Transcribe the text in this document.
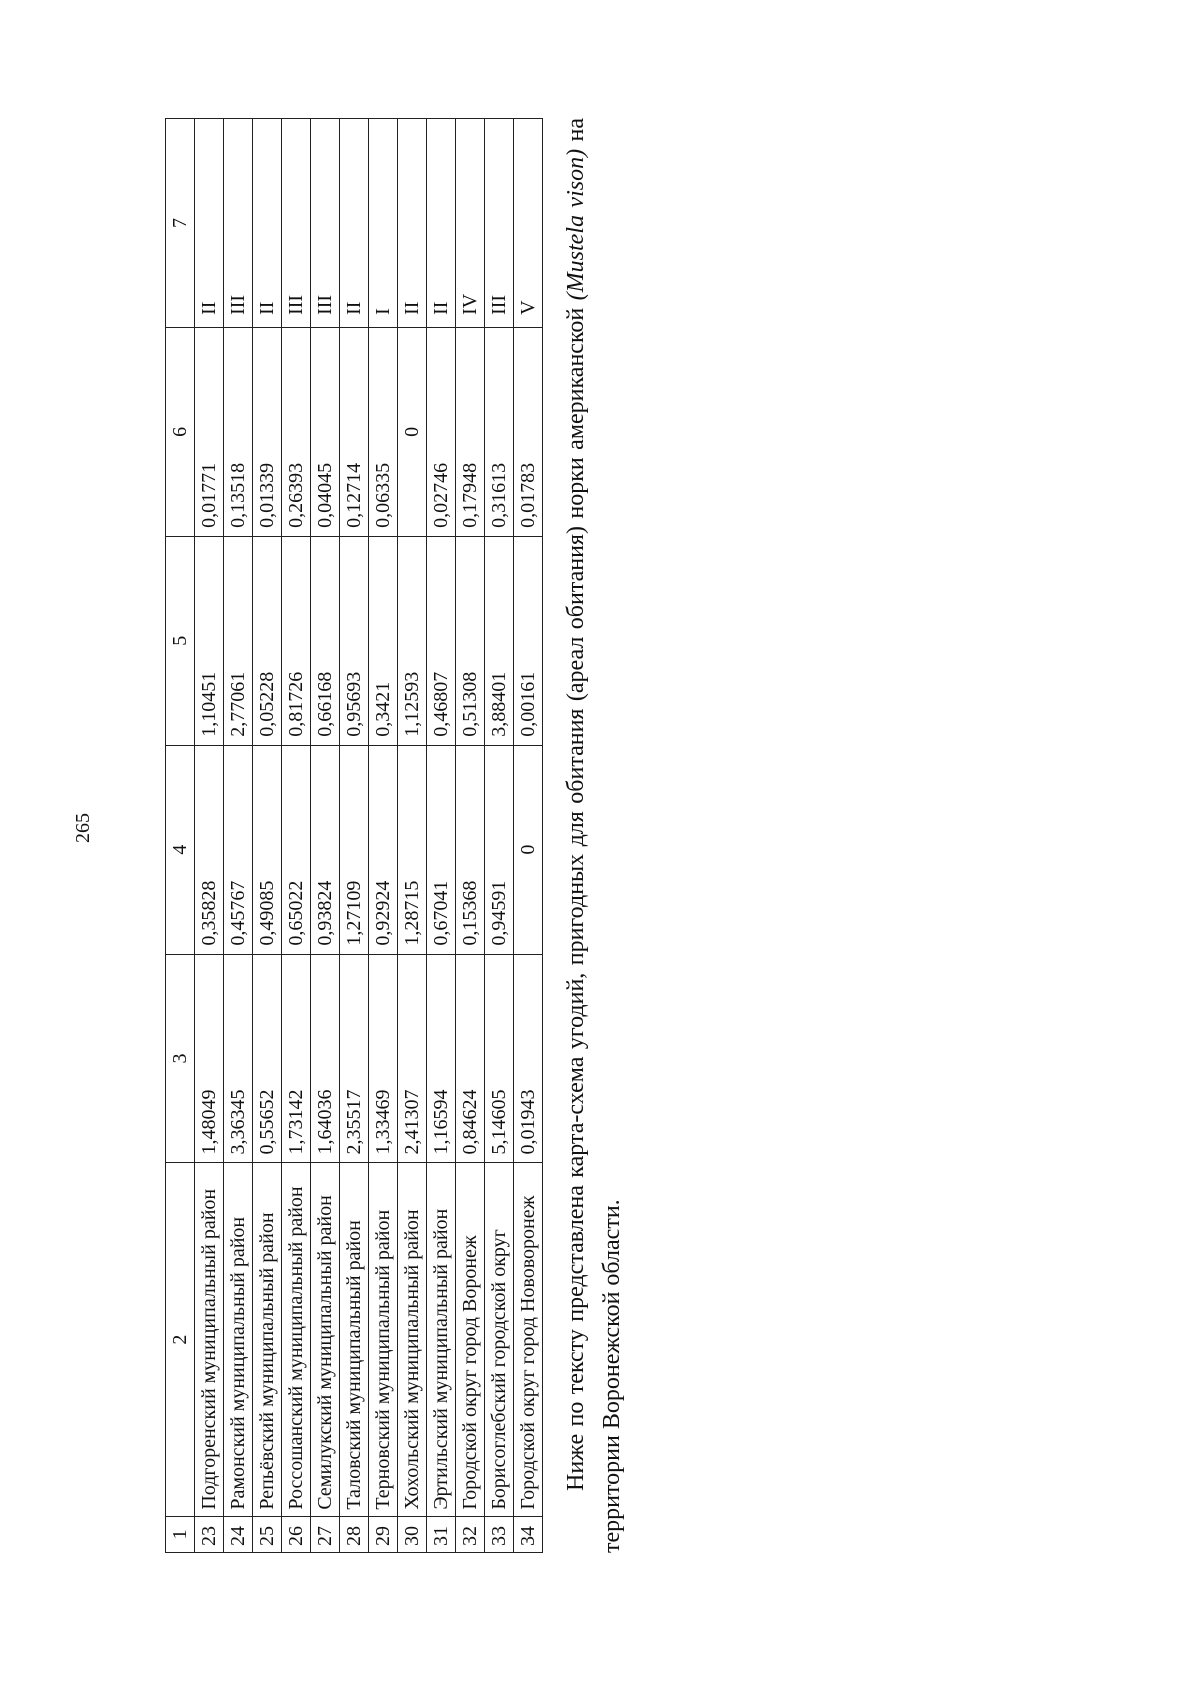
265
1	2	3	4	5	6	7
23	Подгоренский муниципальный район	1,48049	0,35828	1,10451	0,01771	II
24	Рамонский муниципальный район	3,36345	0,45767	2,77061	0,13518	III
25	Репьёвский муниципальный район	0,55652	0,49085	0,05228	0,01339	II
26	Россошанский муниципальный район	1,73142	0,65022	0,81726	0,26393	III
27	Семилукский муниципальный район	1,64036	0,93824	0,66168	0,04045	III
28	Таловский муниципальный район	2,35517	1,27109	0,95693	0,12714	II
29	Терновский муниципальный район	1,33469	0,92924	0,3421	0,06335	I
30	Хохольский муниципальный район	2,41307	1,28715	1,12593	0	II
31	Эртильский муниципальный район	1,16594	0,67041	0,46807	0,02746	II
32	Городской округ город Воронеж	0,84624	0,15368	0,51308	0,17948	IV
33	Борисоглебский городской округ	5,14605	0,94591	3,88401	0,31613	III
34	Городской округ город Нововоронеж	0,01943	0	0,00161	0,01783	V Ниже по тексту представлена карта-схема угодий, пригодных для обитания (ареал обитания) норки американской (Mustela vison) на территории Воронежской области.
